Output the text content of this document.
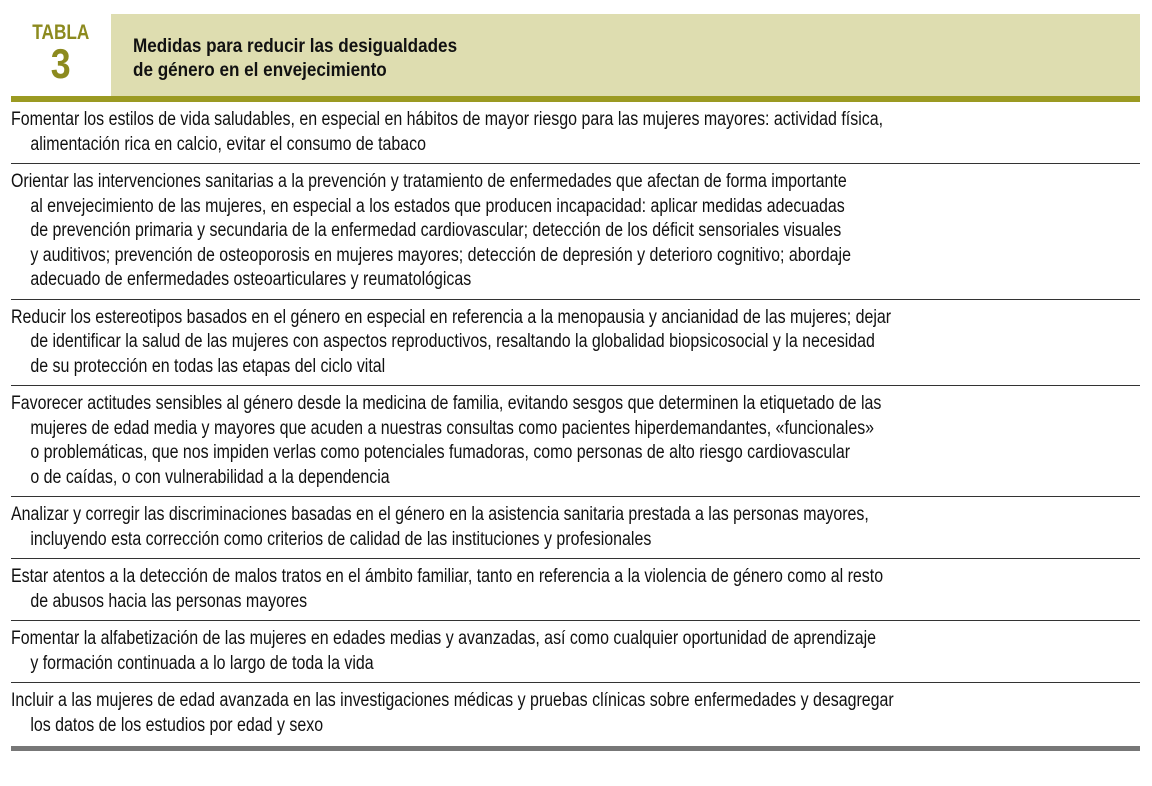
TABLA
3	Medidas para reducir las desigualdades
de género en el envejecimiento
Fomentar los estilos de vida saludables, en especial en hábitos de mayor riesgo para las mujeres mayores: actividad física,
alimentación rica en calcio, evitar el consumo de tabaco
Orientar las intervenciones sanitarias a la prevención y tratamiento de enfermedades que afectan de forma importante
al envejecimiento de las mujeres, en especial a los estados que producen incapacidad: aplicar medidas adecuadas
de prevención primaria y secundaria de la enfermedad cardiovascular; detección de los déficit sensoriales visuales
y auditivos; prevención de osteoporosis en mujeres mayores; detección de depresión y deterioro cognitivo; abordaje
adecuado de enfermedades osteoarticulares y reumatológicas
Reducir los estereotipos basados en el género en especial en referencia a la menopausia y ancianidad de las mujeres; dejar
de identificar la salud de las mujeres con aspectos reproductivos, resaltando la globalidad biopsicosocial y la necesidad
de su protección en todas las etapas del ciclo vital
Favorecer actitudes sensibles al género desde la medicina de familia, evitando sesgos que determinen la etiquetado de las
mujeres de edad media y mayores que acuden a nuestras consultas como pacientes hiperdemandantes, «funcionales»
o problemáticas, que nos impiden verlas como potenciales fumadoras, como personas de alto riesgo cardiovascular
o de caídas, o con vulnerabilidad a la dependencia
Analizar y corregir las discriminaciones basadas en el género en la asistencia sanitaria prestada a las personas mayores,
incluyendo esta corrección como criterios de calidad de las instituciones y profesionales
Estar atentos a la detección de malos tratos en el ámbito familiar, tanto en referencia a la violencia de género como al resto
de abusos hacia las personas mayores
Fomentar la alfabetización de las mujeres en edades medias y avanzadas, así como cualquier oportunidad de aprendizaje
y formación continuada a lo largo de toda la vida
Incluir a las mujeres de edad avanzada en las investigaciones médicas y pruebas clínicas sobre enfermedades y desagregar
los datos de los estudios por edad y sexo
